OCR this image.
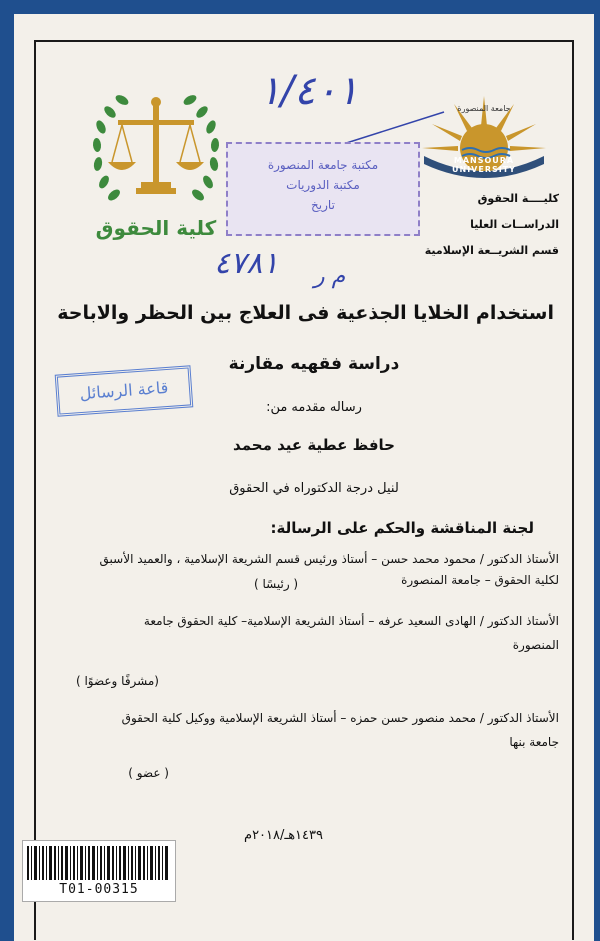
كلية الحقوق
MANSOURA UNIVERSITY
جامعة المنصورة
كليــــة الحقوق
الدراســات العليا
قسم الشريــعة الإسلامية
١/٤٠١
مكتبة جامعة المنصورة
مكتبة الدوريات
تاريخ
٤٧٨١ م ر
استخدام الخلايا الجذعية فى العلاج بين الحظر والاباحة
دراسة فقهيه مقارنة
قاعة الرسائل
رساله مقدمه من:
حافظ عطية عيد محمد
لنيل درجة الدكتوراه في الحقوق
لجنة المناقشة والحكم على الرسالة:
الأستاذ الدكتور / محمود محمد حسن – أستاذ ورئيس قسم الشريعة الإسلامية ، والعميد الأسبق
لكلية الحقوق – جامعة المنصورة
( رئيسًا )
الأستاذ الدكتور / الهادى السعيد عرفه – أستاذ الشريعة الإسلامية– كلية الحقوق جامعة
المنصورة
(مشرفًا وعضوًا )
الأستاذ الدكتور / محمد منصور حسن حمزه – أستاذ الشريعة الإسلامية ووكيل كلية الحقوق
جامعة بنها
( عضو )
١٤٣٩هـ/٢٠١٨م
T01-00315
